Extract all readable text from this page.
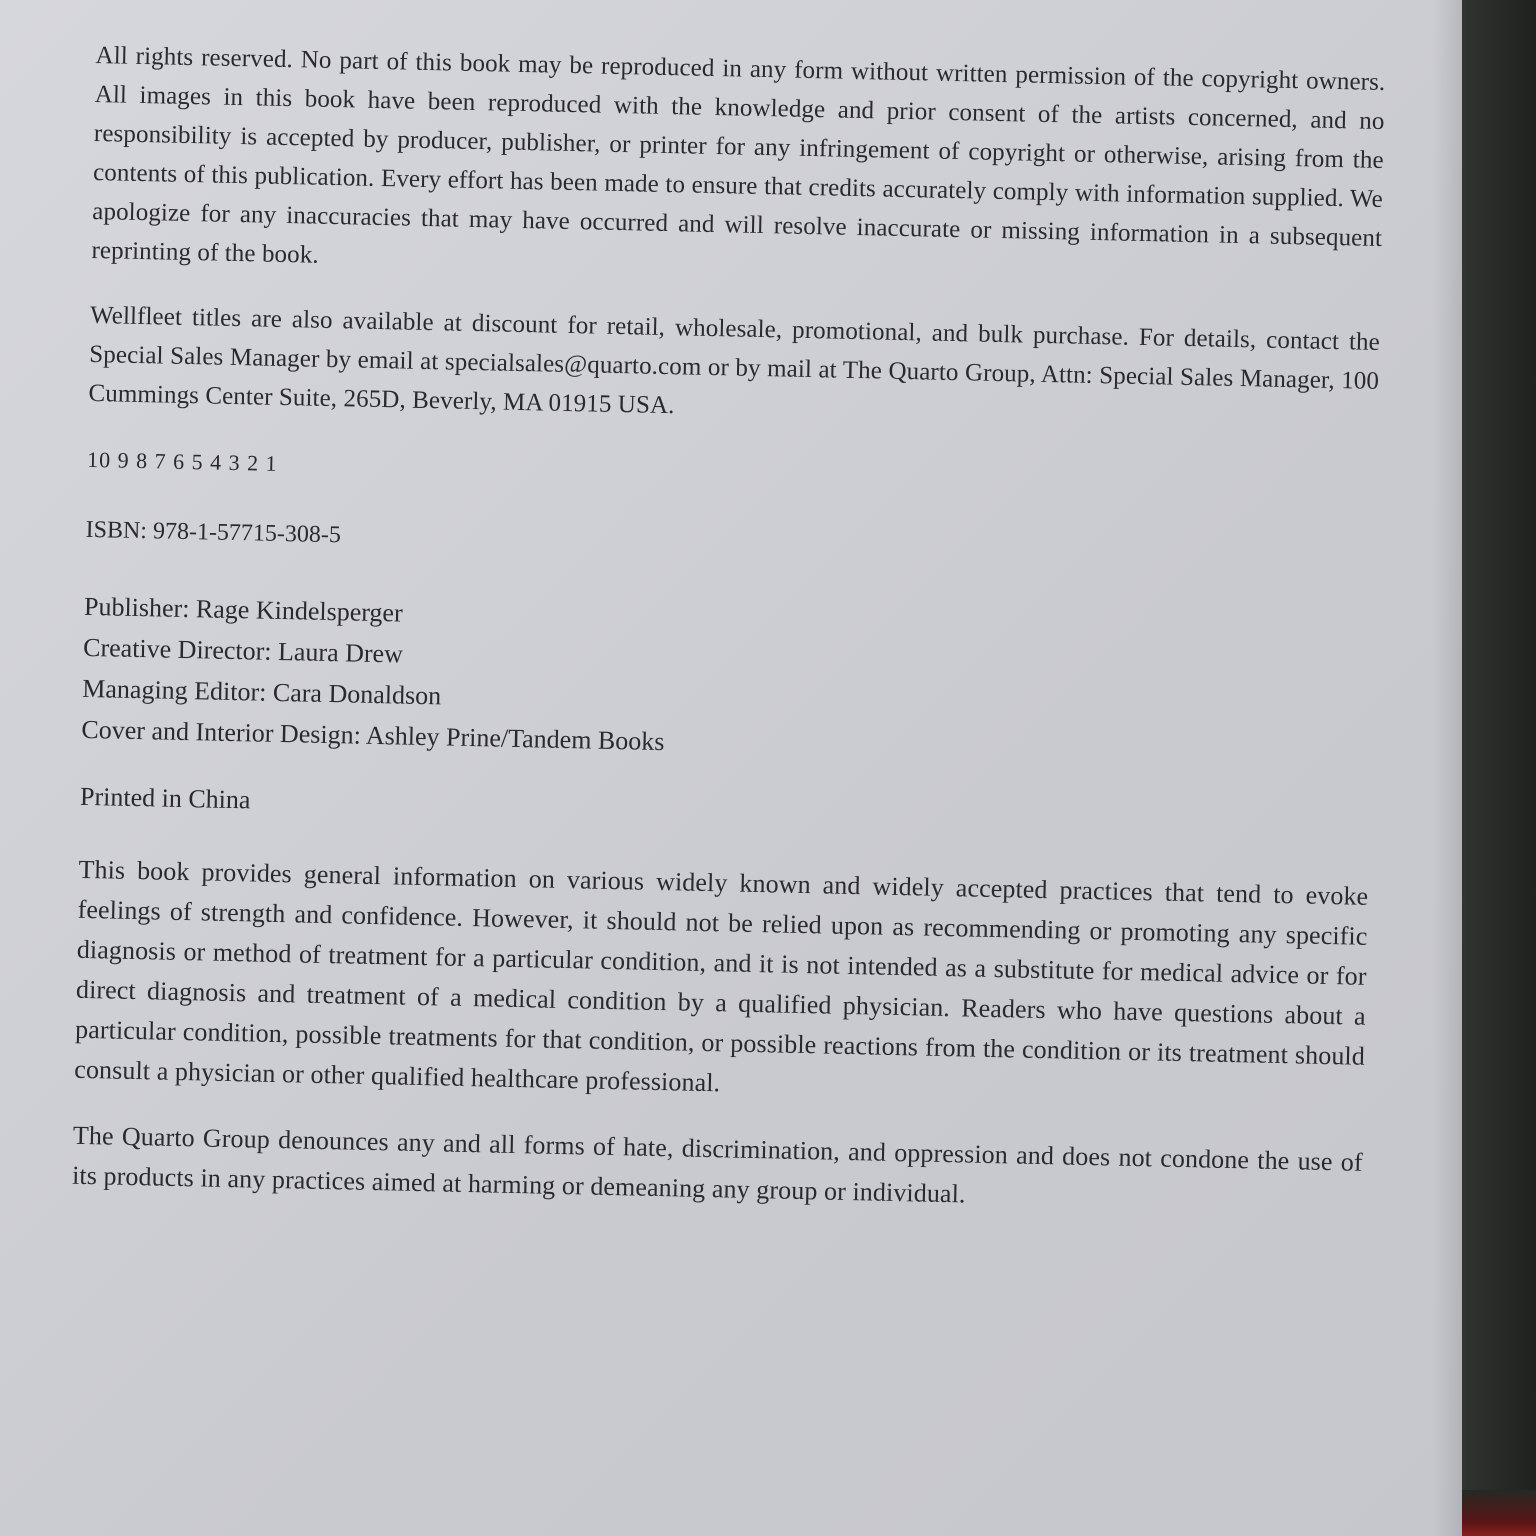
All rights reserved. No part of this book may be reproduced in any form without written permission of the copyright owners. All images in this book have been reproduced with the knowledge and prior consent of the artists concerned, and no responsibility is accepted by producer, publisher, or printer for any infringement of copyright or otherwise, arising from the contents of this publication. Every effort has been made to ensure that credits accurately comply with information supplied. We apologize for any inaccuracies that may have occurred and will resolve inaccurate or missing information in a subsequent reprinting of the book.

Wellfleet titles are also available at discount for retail, wholesale, promotional, and bulk purchase. For details, contact the Special Sales Manager by email at specialsales@quarto.com or by mail at The Quarto Group, Attn: Special Sales Manager, 100 Cummings Center Suite, 265D, Beverly, MA 01915 USA.

10 9 8 7 6 5 4 3 2 1
ISBN: 978-1-57715-308-5
Publisher: Rage Kindelsperger
Creative Director: Laura Drew
Managing Editor: Cara Donaldson
Cover and Interior Design: Ashley Prine/Tandem Books
Printed in China

This book provides general information on various widely known and widely accepted practices that tend to evoke feelings of strength and confidence. However, it should not be relied upon as recommending or promoting any specific diagnosis or method of treatment for a particular condition, and it is not intended as a substitute for medical advice or for direct diagnosis and treatment of a medical condition by a qualified physician. Readers who have questions about a particular condition, possible treatments for that condition, or possible reactions from the condition or its treatment should consult a physician or other qualified healthcare professional.

The Quarto Group denounces any and all forms of hate, discrimination, and oppression and does not condone the use of its products in any practices aimed at harming or demeaning any group or individual.
